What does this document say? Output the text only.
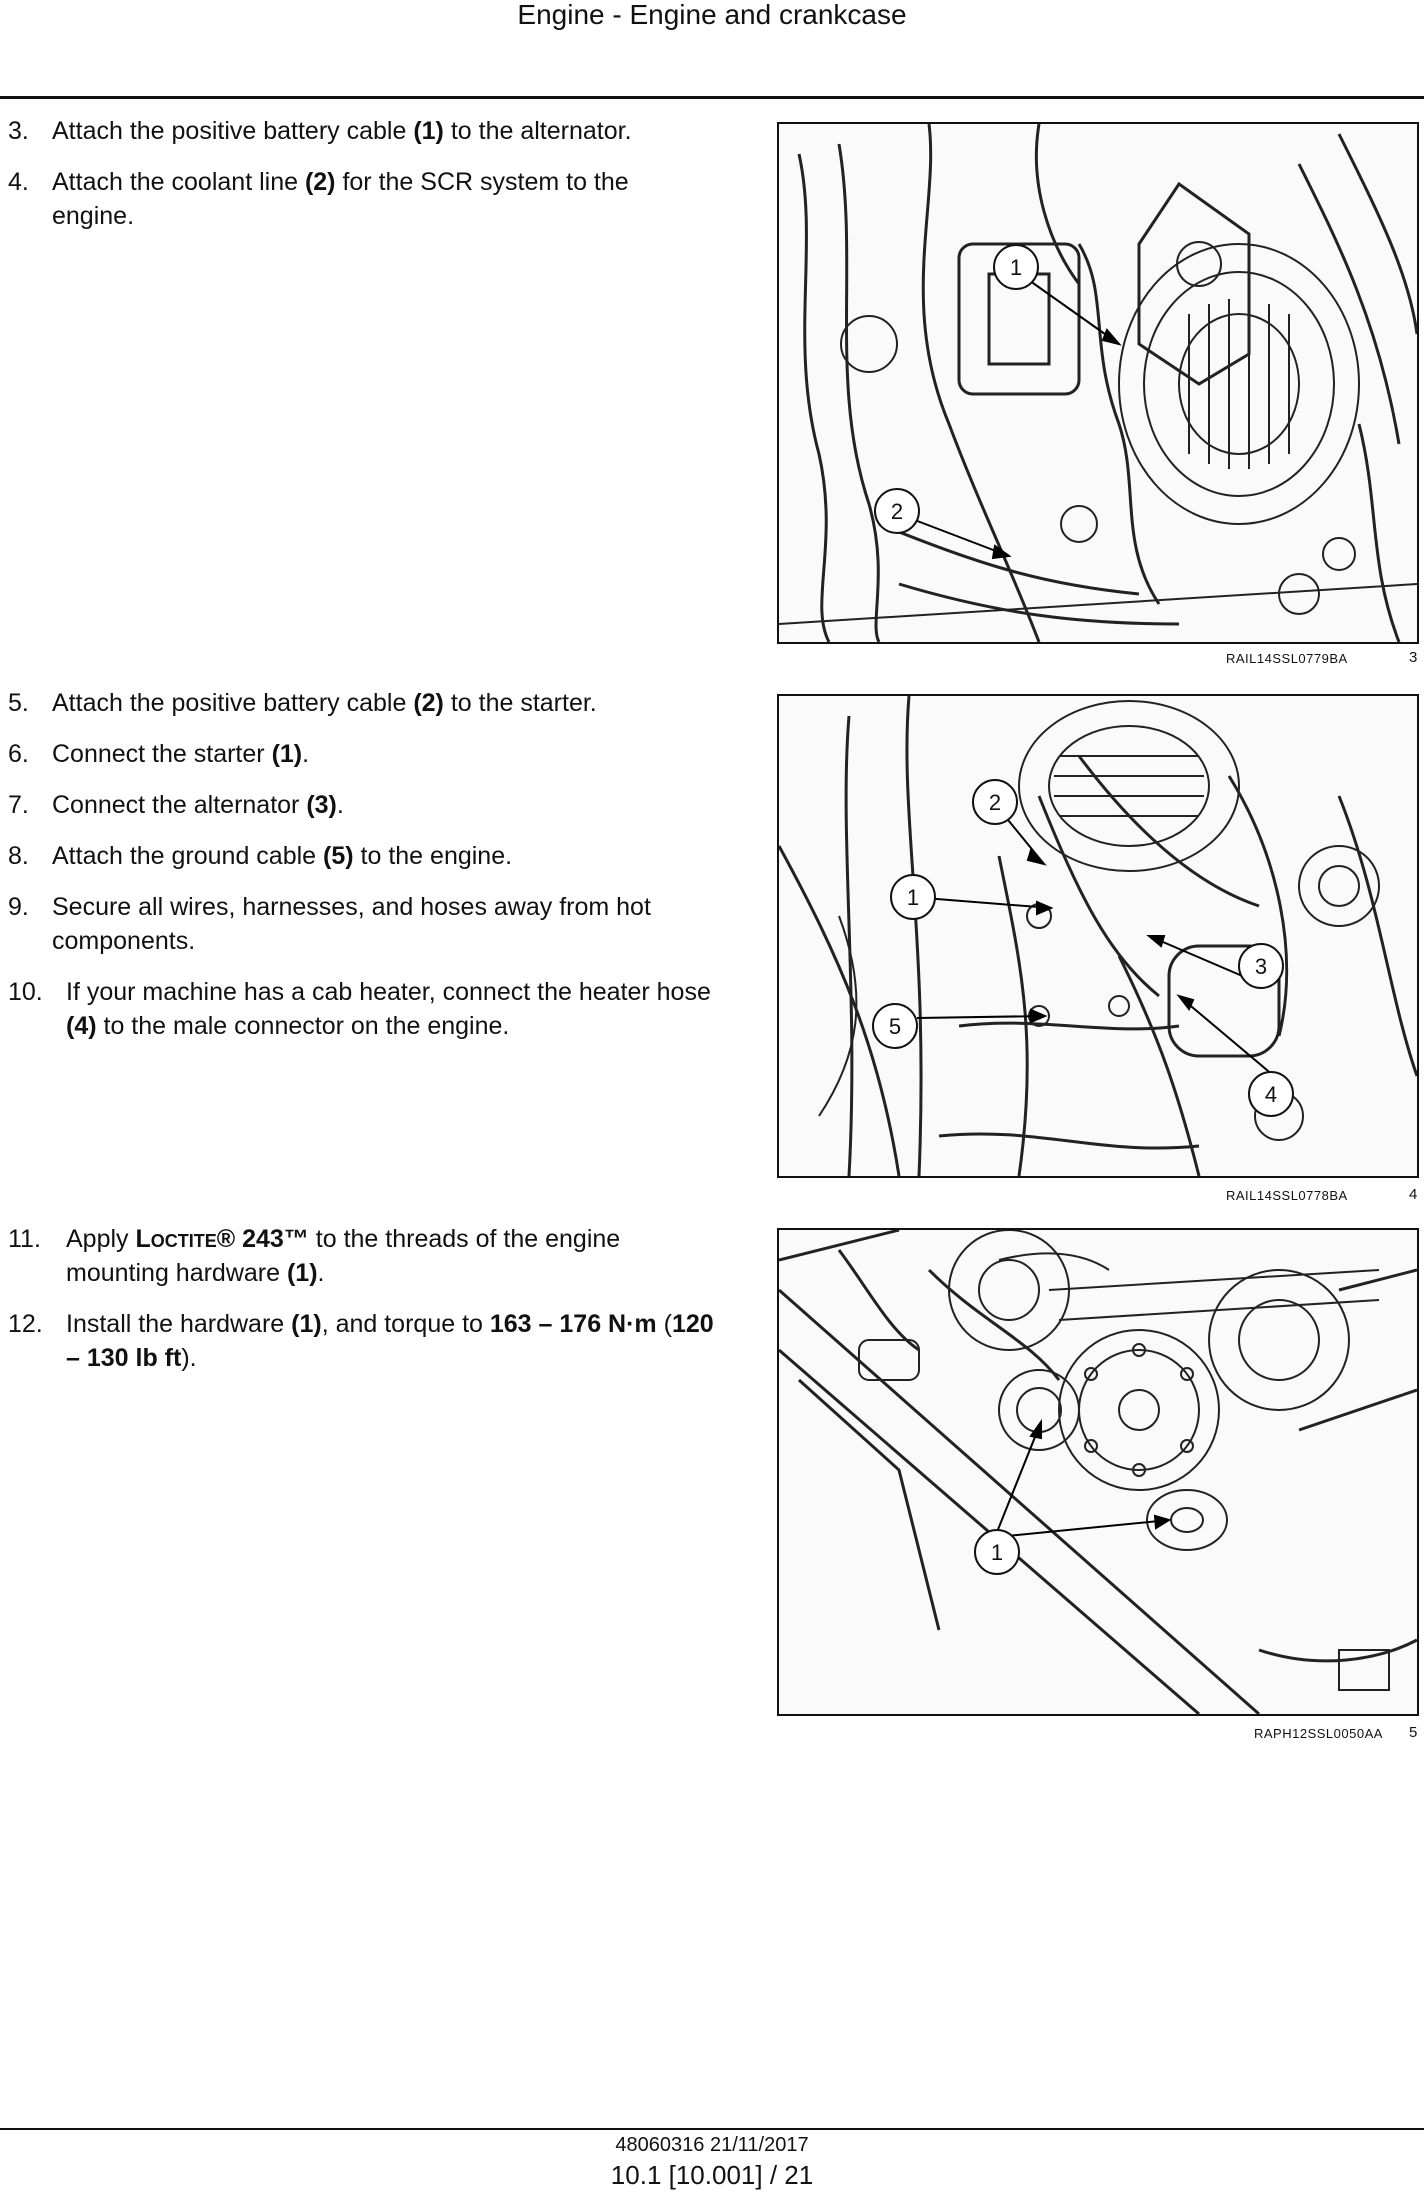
Engine - Engine and crankcase
3. Attach the positive battery cable (1) to the alternator.
4. Attach the coolant line (2) for the SCR system to the engine.
1
2
RAIL14SSL0779BA	3
5. Attach the positive battery cable (2) to the starter.
6. Connect the starter (1).
7. Connect the alternator (3).
8. Attach the ground cable (5) to the engine.
9. Secure all wires, harnesses, and hoses away from hot components.
10. If your machine has a cab heater, connect the heater hose (4) to the male connector on the engine.
2
1
3
4
5
RAIL14SSL0778BA	4
11. Apply Loctite® 243™ to the threads of the engine mounting hardware (1).
12. Install the hardware (1), and torque to 163 – 176 N·m (120 – 130 lb ft).
1
RAPH12SSL0050AA 5
48060316 21/11/2017
10.1 [10.001] / 21
